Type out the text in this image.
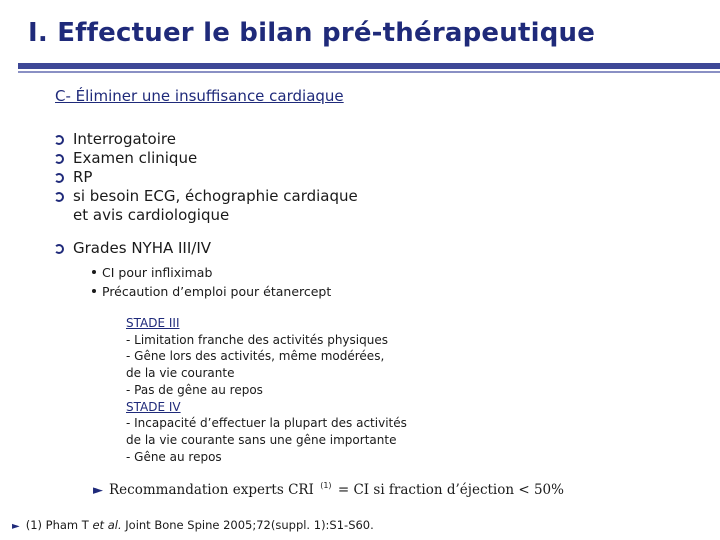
I. Effectuer le bilan pré-thérapeutique
C- Éliminer une insuffisance cardiaque
Interrogatoire
Examen clinique
RP
si besoin ECG, échographie cardiaque
et avis cardiologique
Grades NYHA III/IV
CI pour infliximab
Précaution d’emploi pour étanercept
STADE III
- Limitation franche des activités physiques
- Gêne lors des activités, même modérées,
de la vie courante
- Pas de gêne au repos
STADE IV
- Incapacité d’effectuer la plupart des activités
de la vie courante sans une gêne importante
- Gêne au repos
► Recommandation experts CRI $^{(1)}$ = CI si fraction d’éjection < 50%
► (1) Pham T et al. Joint Bone Spine 2005;72(suppl. 1):S1-S60.
